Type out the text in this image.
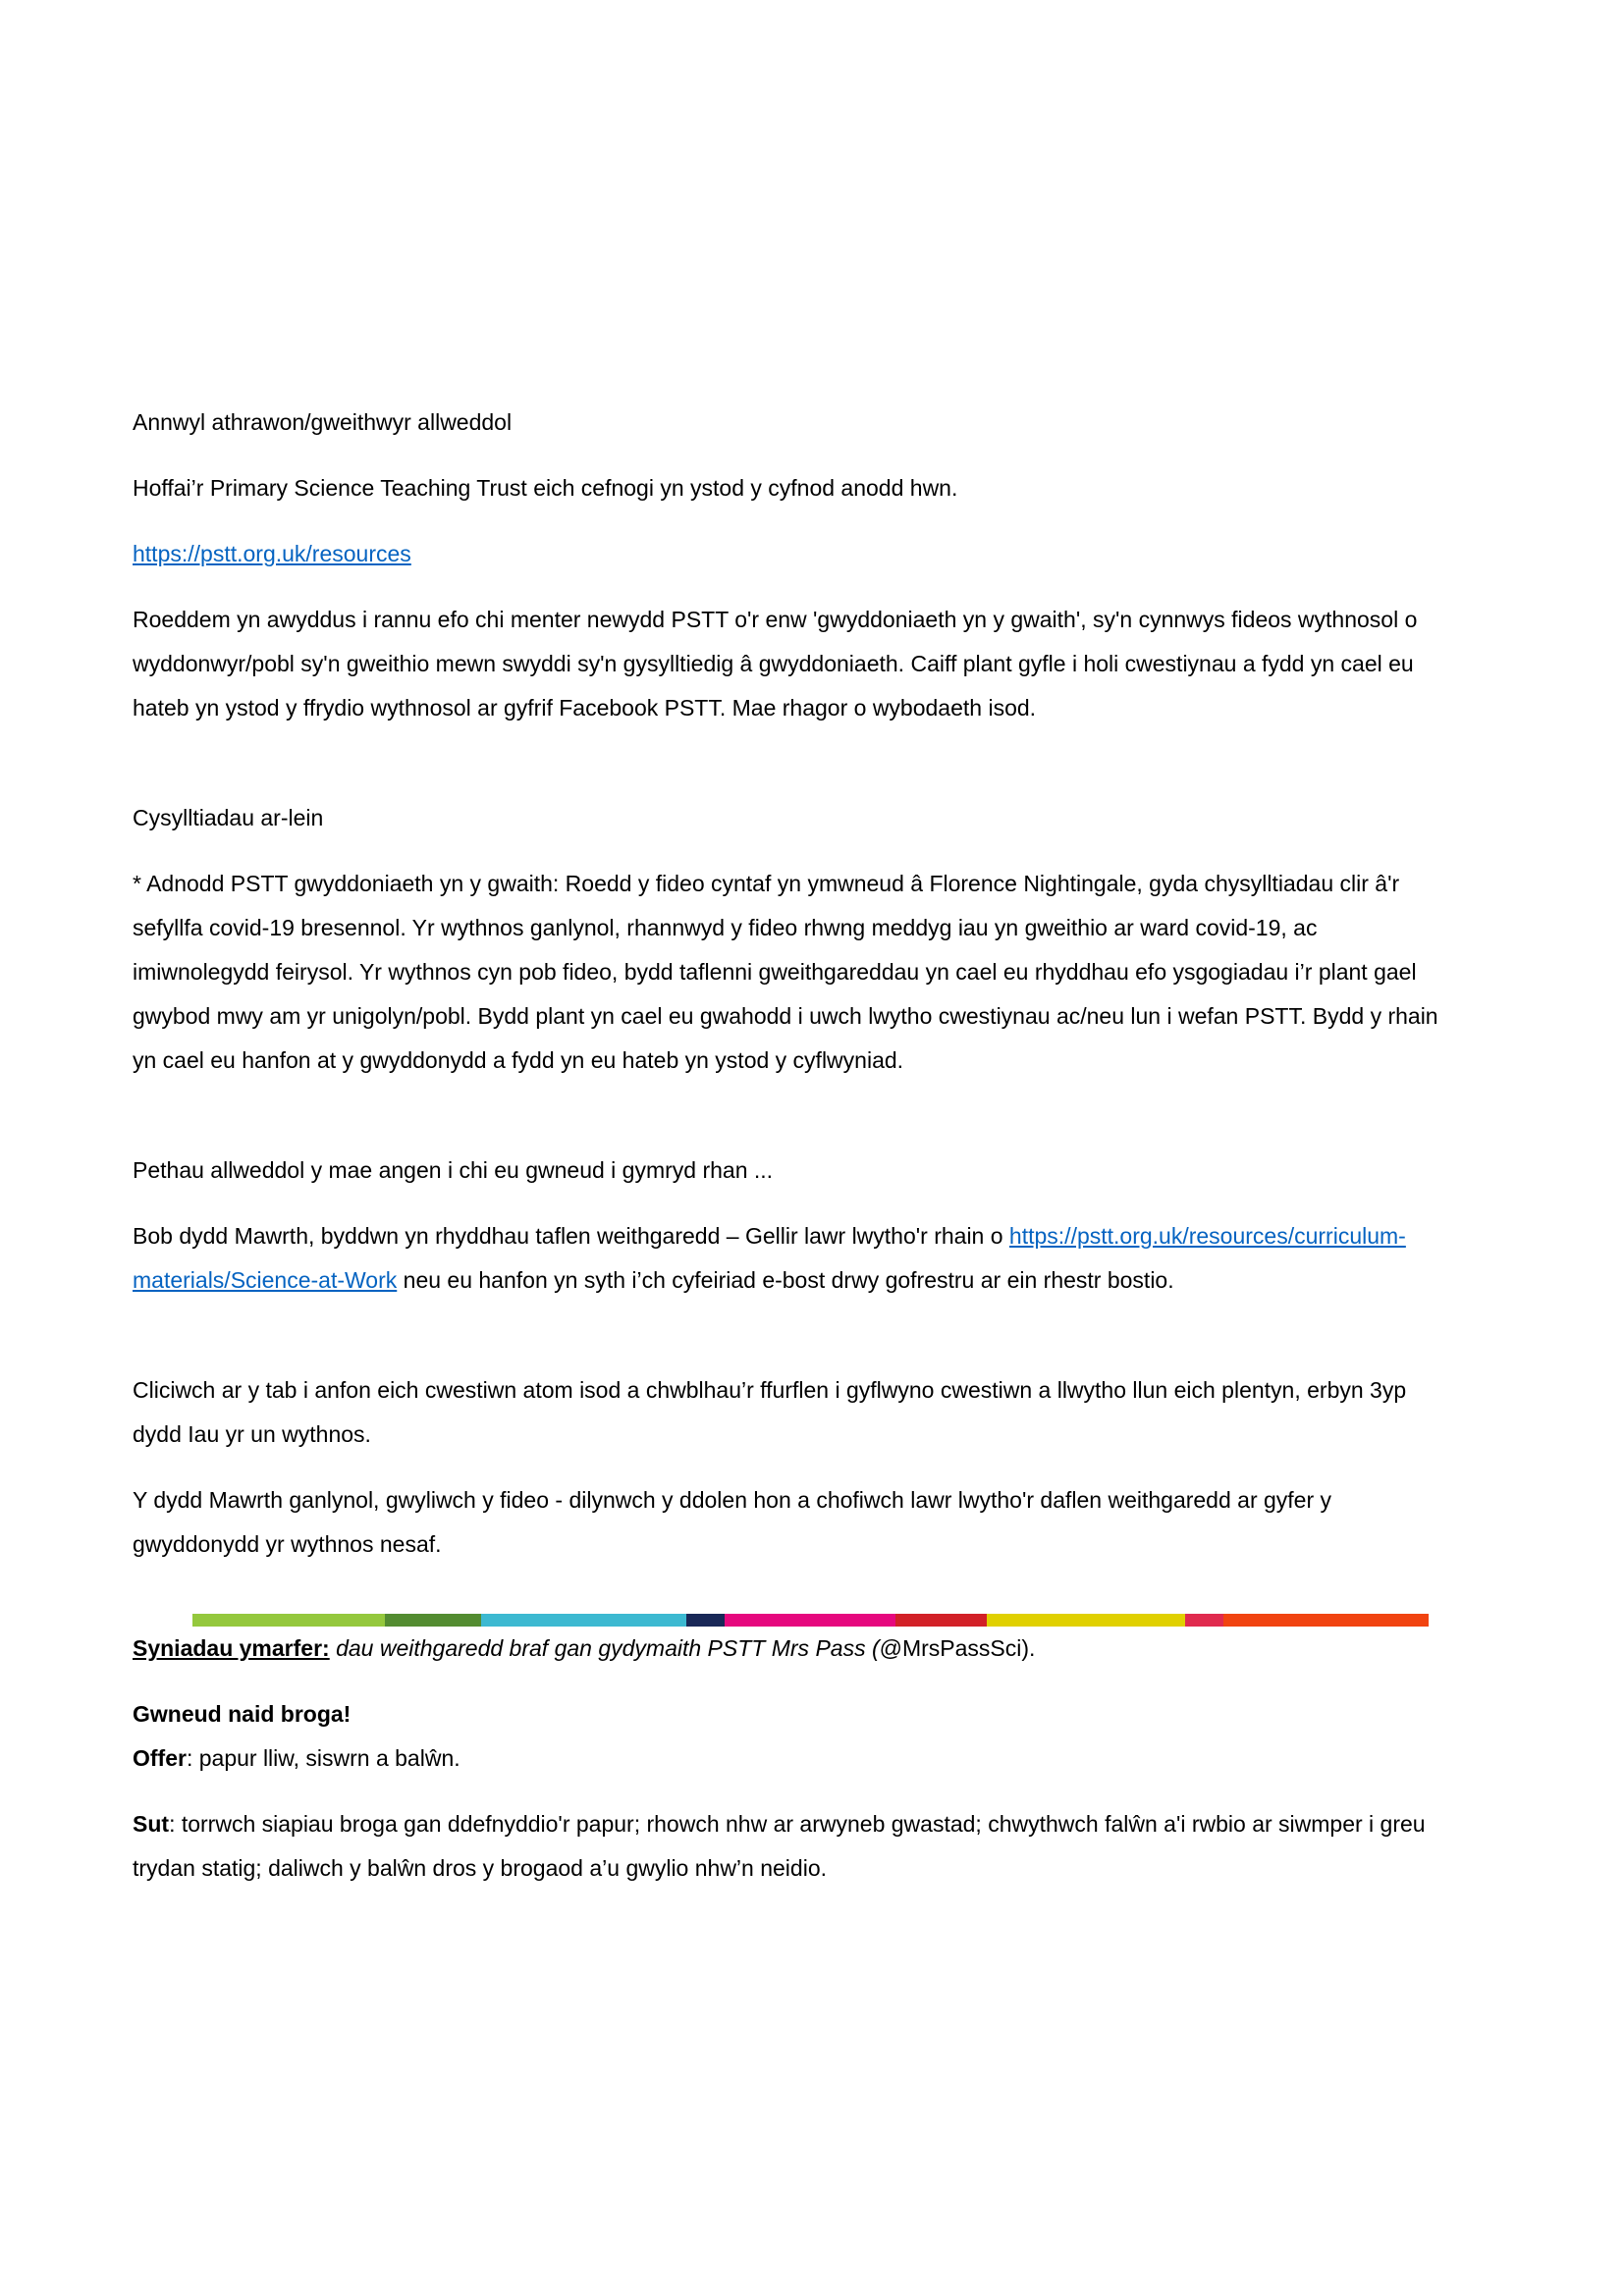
Annwyl athrawon/gweithwyr allweddol

Hoffai’r Primary Science Teaching Trust eich cefnogi yn ystod y cyfnod anodd hwn.

https://pstt.org.uk/resources

Roeddem yn awyddus i rannu efo chi menter newydd PSTT o'r enw 'gwyddoniaeth yn y gwaith', sy'n cynnwys fideos wythnosol o wyddonwyr/pobl sy'n gweithio mewn swyddi sy'n gysylltiedig â gwyddoniaeth. Caiff plant gyfle i holi cwestiynau a fydd yn cael eu hateb yn ystod y ffrydio wythnosol ar gyfrif Facebook PSTT. Mae rhagor o wybodaeth isod.

Cysylltiadau ar-lein

* Adnodd PSTT gwyddoniaeth yn y gwaith: Roedd y fideo cyntaf yn ymwneud â Florence Nightingale, gyda chysylltiadau clir â'r sefyllfa covid-19 bresennol. Yr wythnos ganlynol, rhannwyd y fideo rhwng meddyg iau yn gweithio ar ward covid-19, ac imiwnolegydd feirysol. Yr wythnos cyn pob fideo, bydd taflenni gweithgareddau yn cael eu rhyddhau efo ysgogiadau i’r plant gael gwybod mwy am yr unigolyn/pobl. Bydd plant yn cael eu gwahodd i uwch lwytho cwestiynau ac/neu lun i wefan PSTT. Bydd y rhain yn cael eu hanfon at y gwyddonydd a fydd yn eu hateb yn ystod y cyflwyniad.

Pethau allweddol y mae angen i chi eu gwneud i gymryd rhan ...

Bob dydd Mawrth, byddwn yn rhyddhau taflen weithgaredd – Gellir lawr lwytho'r rhain o https://pstt.org.uk/resources/curriculum-materials/Science-at-Work neu eu hanfon yn syth i’ch cyfeiriad e-bost drwy gofrestru ar ein rhestr bostio.

Cliciwch ar y tab i anfon eich cwestiwn atom isod a chwblhau’r ffurflen i gyflwyno cwestiwn a llwytho llun eich plentyn, erbyn 3yp dydd Iau yr un wythnos.

Y dydd Mawrth ganlynol, gwyliwch y fideo - dilynwch y ddolen hon a chofiwch lawr lwytho'r daflen weithgaredd ar gyfer y gwyddonydd yr wythnos nesaf.

Syniadau ymarfer: dau weithgaredd braf gan gydymaith PSTT Mrs Pass (@MrsPassSci).

Gwneud naid broga!
Offer: papur lliw, siswrn a balŵn.

Sut: torrwch siapiau broga gan ddefnyddio'r papur; rhowch nhw ar arwyneb gwastad; chwythwch falŵn a'i rwbio ar siwmper i greu trydan statig; daliwch y balŵn dros y brogaod a’u gwylio nhw’n neidio.
